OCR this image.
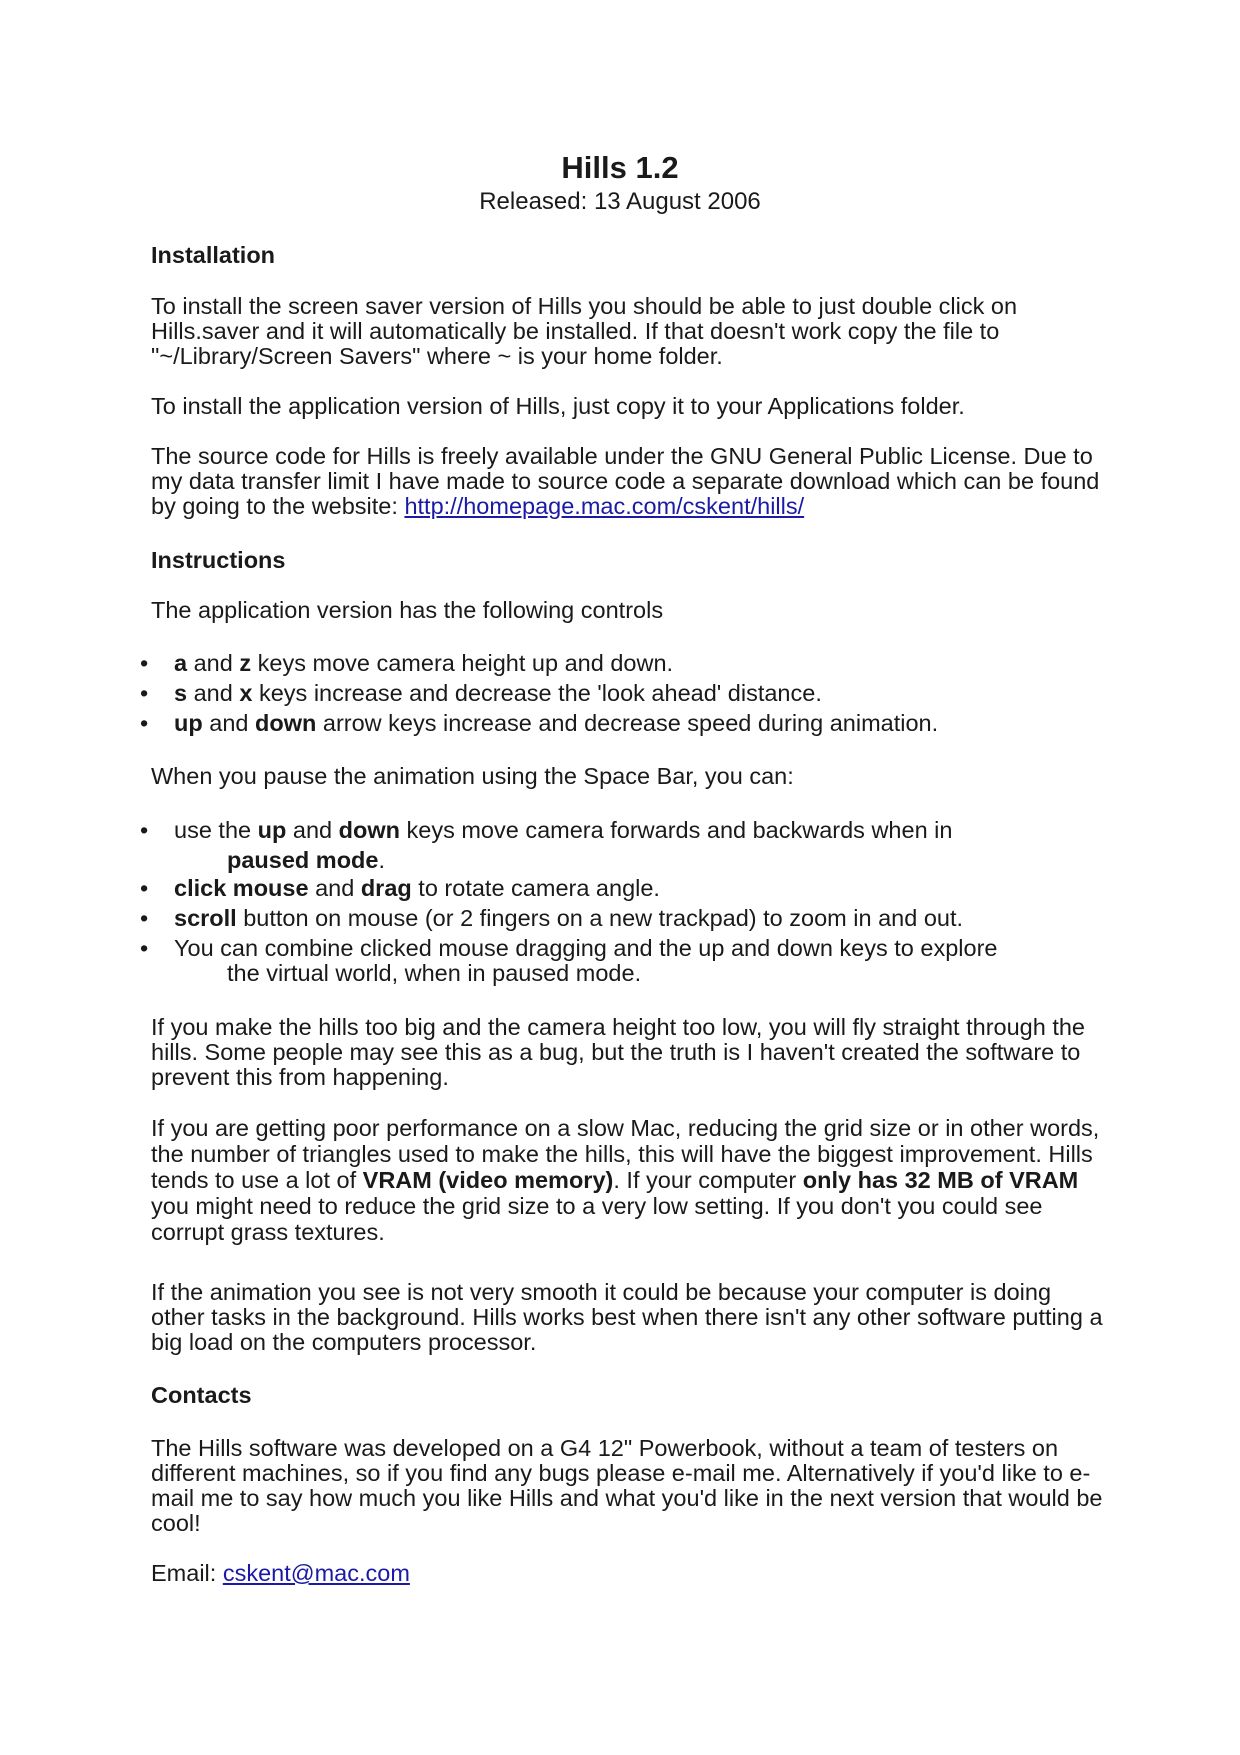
Hills 1.2

Released: 13 August 2006

Installation

To install the screen saver version of Hills you should be able to just double click on Hills.saver and it will automatically be installed. If that doesn't work copy the file to "~/Library/Screen Savers" where ~ is your home folder.

To install the application version of Hills, just copy it to your Applications folder.

The source code for Hills is freely available under the GNU General Public License. Due to my data transfer limit I have made to source code a separate download which can be found by going to the website: http://homepage.mac.com/cskent/hills/

Instructions

The application version has the following controls

•	a and z keys move camera height up and down.
•	s and x keys increase and decrease the 'look ahead' distance.
•	up and down arrow keys increase and decrease speed during animation.

When you pause the animation using the Space Bar, you can:

•	use the up and down keys move camera forwards and backwards when in
paused mode.
•	click mouse and drag to rotate camera angle.
•	scroll button on mouse (or 2 fingers on a new trackpad) to zoom in and out.
•	You can combine clicked mouse dragging and the up and down keys to explore
the virtual world, when in paused mode.

If you make the hills too big and the camera height too low, you will fly straight through the hills. Some people may see this as a bug, but the truth is I haven't created the software to prevent this from happening.

If you are getting poor performance on a slow Mac, reducing the grid size or in other words, the number of triangles used to make the hills, this will have the biggest improvement. Hills tends to use a lot of VRAM (video memory). If your computer only has 32 MB of VRAM you might need to reduce the grid size to a very low setting. If you don't you could see corrupt grass textures.

If the animation you see is not very smooth it could be because your computer is doing other tasks in the background. Hills works best when there isn't any other software putting a big load on the computers processor.

Contacts

The Hills software was developed on a G4 12" Powerbook, without a team of testers on different machines, so if you find any bugs please e-mail me. Alternatively if you'd like to e-mail me to say how much you like Hills and what you'd like in the next version that would be cool!

Email: cskent@mac.com
